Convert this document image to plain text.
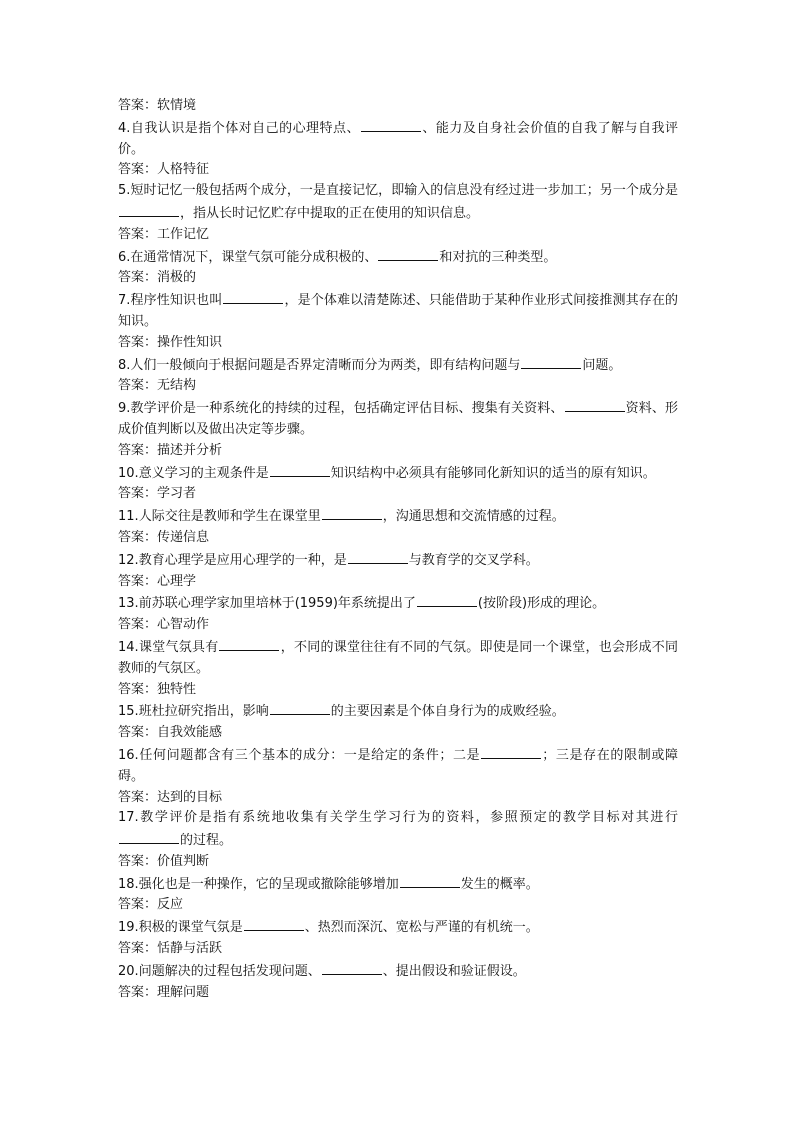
答案：软情境
4.自我认识是指个体对自己的心理特点、	、能力及自身社会价值的自我了解与自我评价。
答案：人格特征
5.短时记忆一般包括两个成分，一是直接记忆，即输入的信息没有经过进一步加工；另一个成分是，指从长时记忆贮存中提取的正在使用的知识信息。
答案：工作记忆
6.在通常情况下，课堂气氛可能分成积极的、	和对抗的三种类型。
答案：消极的
7.程序性知识也叫	，是个体难以清楚陈述、只能借助于某种作业形式间接推测其存在的知识。
答案：操作性知识
8.人们一般倾向于根据问题是否界定清晰而分为两类，即有结构问题与	问题。
答案：无结构
9.教学评价是一种系统化的持续的过程，包括确定评估目标、搜集有关资料、	资料、形成价值判断以及做出决定等步骤。
答案：描述并分析
10.意义学习的主观条件是	知识结构中必须具有能够同化新知识的适当的原有知识。
答案：学习者
11.人际交往是教师和学生在课堂里	，沟通思想和交流情感的过程。
答案：传递信息
12.教育心理学是应用心理学的一种，是	与教育学的交叉学科。
答案：心理学
13.前苏联心理学家加里培林于(1959)年系统提出了	(按阶段)形成的理论。
答案：心智动作
14.课堂气氛具有	，不同的课堂往往有不同的气氛。即使是同一个课堂，也会形成不同教师的气氛区。
答案：独特性
15.班杜拉研究指出，影响	的主要因素是个体自身行为的成败经验。
答案：自我效能感
16.任何问题都含有三个基本的成分：一是给定的条件；二是	；三是存在的限制或障碍。
答案：达到的目标
17.教学评价是指有系统地收集有关学生学习行为的资料，参照预定的教学目标对其进行的过程。
答案：价值判断
18.强化也是一种操作，它的呈现或撤除能够增加	发生的概率。
答案：反应
19.积极的课堂气氛是	、热烈而深沉、宽松与严谨的有机统一。
答案：恬静与活跃
20.问题解决的过程包括发现问题、	、提出假设和验证假设。
答案：理解问题
